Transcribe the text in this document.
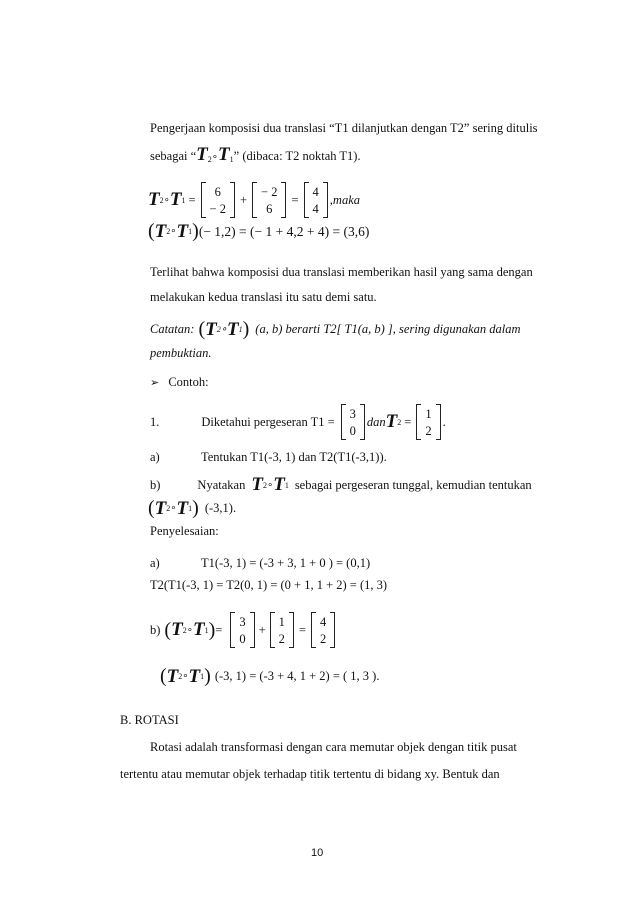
Pengerjaan komposisi dua translasi “T1 dilanjutkan dengan T2” sering ditulis
sebagai “$T_2\circ T_1$” (dibaca: T2 noktah T1).
T 2 ∘ T 1 =
6
− 2
+
− 2
6
=
4
4
,maka
( T 2 ∘ T 1 ) (− 1,2) = (− 1 + 4,2 + 4) = (3,6)
Terlihat bahwa komposisi dua translasi memberikan hasil yang sama dengan
melakukan kedua translasi itu satu demi satu.
Catatan: ( T 2 ∘ T 1 ) (a, b) berarti T2[ T1(a, b) ], sering digunakan dalam
pembuktian.
➢ Contoh:
1.	Diketahui pergeseran T1 =
3
0
dan T 2 =
1
2
.
a)	Tentukan T1(-3, 1) dan T2(T1(-3,1)).
b)	Nyatakan T 2 ∘ T 1 sebagai pergeseran tunggal, kemudian tentukan
( T 2 ∘ T 1 ) (-3,1).
Penyelesaian:
a)	T1(-3, 1) = (-3 + 3, 1 + 0 ) = (0,1)
T2(T1(-3, 1) = T2(0, 1) = (0 + 1, 1 + 2) = (1, 3)
b) ( T 2 ∘ T 1 ) =
3
0
+
1
2
=
4
2
( T 2 ∘ T 1 ) (-3, 1) = (-3 + 4, 1 + 2) = ( 1, 3 ).
B. ROTASI
Rotasi adalah transformasi dengan cara memutar objek dengan titik pusat
tertentu atau memutar objek terhadap titik tertentu di bidang xy. Bentuk dan
10
